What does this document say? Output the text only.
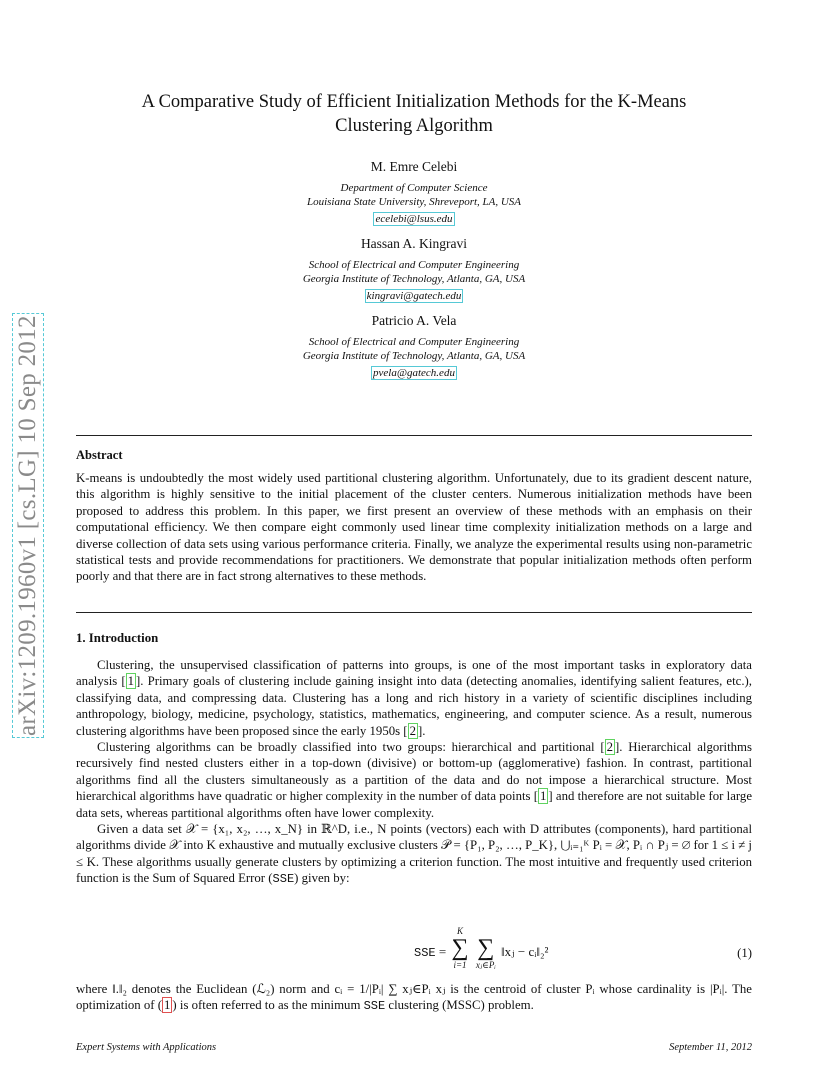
arXiv:1209.1960v1 [cs.LG] 10 Sep 2012
A Comparative Study of Efficient Initialization Methods for the K-Means
Clustering Algorithm
M. Emre Celebi
Department of Computer Science
Louisiana State University, Shreveport, LA, USA
ecelebi@lsus.edu
Hassan A. Kingravi
School of Electrical and Computer Engineering
Georgia Institute of Technology, Atlanta, GA, USA
kingravi@gatech.edu
Patricio A. Vela
School of Electrical and Computer Engineering
Georgia Institute of Technology, Atlanta, GA, USA
pvela@gatech.edu
Abstract

K-means is undoubtedly the most widely used partitional clustering algorithm. Unfortunately, due to its gradient descent nature, this algorithm is highly sensitive to the initial placement of the cluster centers. Numerous initialization methods have been proposed to address this problem. In this paper, we first present an overview of these methods with an emphasis on their computational efficiency. We then compare eight commonly used linear time complexity initialization methods on a large and diverse collection of data sets using various performance criteria. Finally, we analyze the experimental results using non-parametric statistical tests and provide recommendations for practitioners. We demonstrate that popular initialization methods often perform poorly and that there are in fact strong alternatives to these methods.

1. Introduction

Clustering, the unsupervised classification of patterns into groups, is one of the most important tasks in exploratory data analysis [ 1 ]. Primary goals of clustering include gaining insight into data (detecting anomalies, identifying salient features, etc.), classifying data, and compressing data. Clustering has a long and rich history in a variety of scientific disciplines including anthropology, biology, medicine, psychology, statistics, mathematics, engineering, and computer science. As a result, numerous clustering algorithms have been proposed since the early 1950s [ 2 ].

Clustering algorithms can be broadly classified into two groups: hierarchical and partitional [ 2 ]. Hierarchical algorithms recursively find nested clusters either in a top-down (divisive) or bottom-up (agglomerative) fashion. In contrast, partitional algorithms find all the clusters simultaneously as a partition of the data and do not impose a hierarchical structure. Most hierarchical algorithms have quadratic or higher complexity in the number of data points [ 1 ] and therefore are not suitable for large data sets, whereas partitional algorithms often have lower complexity.

Given a data set 𝒳 = {x₁, x₂, …, x_N} in ℝ^D, i.e., N points (vectors) each with D attributes (components), hard partitional algorithms divide 𝒳 into K exhaustive and mutually exclusive clusters 𝒫 = {P₁, P₂, …, P_K}, ⋃ᵢ₌₁ᴷ Pᵢ = 𝒳, Pᵢ ∩ Pⱼ = ∅ for 1 ≤ i ≠ j ≤ K. These algorithms usually generate clusters by optimizing a criterion function. The most intuitive and frequently used criterion function is the Sum of Squared Error (SSE) given by:

SSE =
K
∑
i=1
∑
xⱼ∈Pᵢ
‖xⱼ − cᵢ‖₂²	(1)

where ‖.‖₂ denotes the Euclidean (ℒ₂) norm and cᵢ = 1/|Pᵢ| ∑ xⱼ∈Pᵢ xⱼ is the centroid of cluster Pᵢ whose cardinality is |Pᵢ|. The optimization of ( 1 ) is often referred to as the minimum SSE clustering (MSSC) problem.

Expert Systems with Applications	September 11, 2012
